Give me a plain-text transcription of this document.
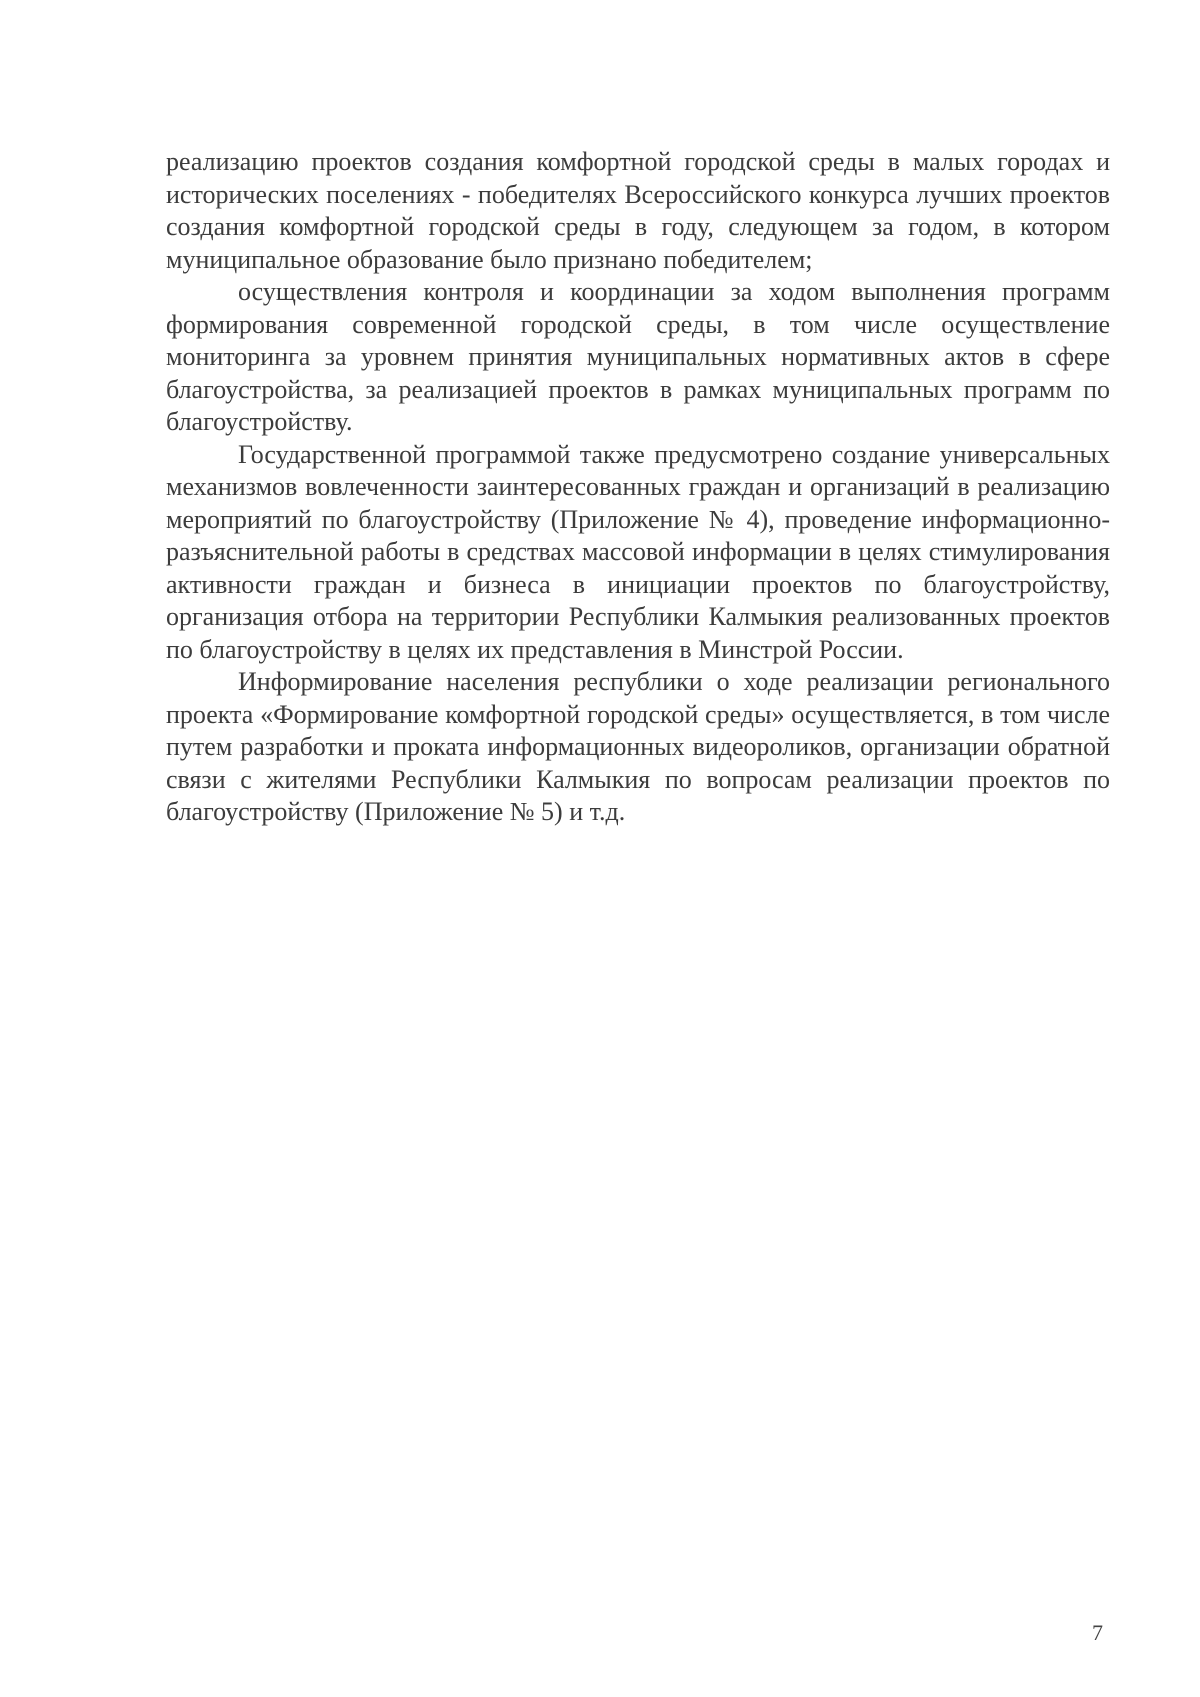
реализацию проектов создания комфортной городской среды в малых городах и исторических поселениях - победителях Всероссийского конкурса лучших проектов создания комфортной городской среды в году, следующем за годом, в котором муниципальное образование было признано победителем;

осуществления контроля и координации за ходом выполнения программ формирования современной городской среды, в том числе осуществление мониторинга за уровнем принятия муниципальных нормативных актов в сфере благоустройства, за реализацией проектов в рамках муниципальных программ по благоустройству.

Государственной программой также предусмотрено создание универсальных механизмов вовлеченности заинтересованных граждан и организаций в реализацию мероприятий по благоустройству (Приложение № 4), проведение информационно-разъяснительной работы в средствах массовой информации в целях стимулирования активности граждан и бизнеса в инициации проектов по благоустройству, организация отбора на территории Республики Калмыкия реализованных проектов по благоустройству в целях их представления в Минстрой России.

Информирование населения республики о ходе реализации регионального проекта «Формирование комфортной городской среды» осуществляется, в том числе путем разработки и проката информационных видеороликов, организации обратной связи с жителями Республики Калмыкия по вопросам реализации проектов по благоустройству (Приложение № 5) и т.д.

7
